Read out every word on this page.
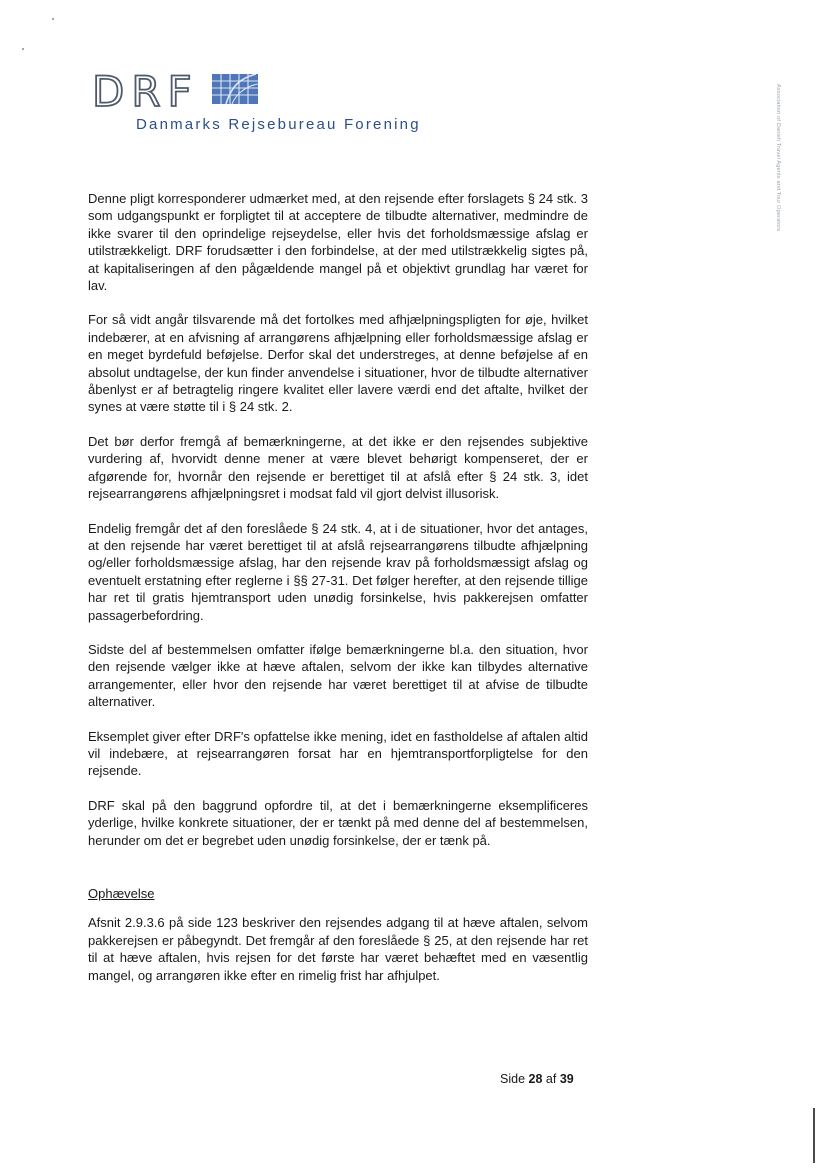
DRF
Danmarks Rejsebureau Forening	Association of Danish Travel Agents and Tour Operators

Denne pligt korresponderer udmærket med, at den rejsende efter forslagets § 24 stk. 3 som udgangspunkt er forpligtet til at acceptere de tilbudte alternativer, medmindre de ikke svarer til den oprindelige rejseydelse, eller hvis det forholdsmæssige afslag er utilstrækkeligt. DRF forudsætter i den forbindelse, at der med utilstrækkelig sigtes på, at kapitaliseringen af den pågældende mangel på et objektivt grundlag har været for lav.

For så vidt angår tilsvarende må det fortolkes med afhjælpningspligten for øje, hvilket indebærer, at en afvisning af arrangørens afhjælpning eller forholdsmæssige afslag er en meget byrdefuld beføjelse. Derfor skal det understreges, at denne beføjelse af en absolut undtagelse, der kun finder anvendelse i situationer, hvor de tilbudte alternativer åbenlyst er af betragtelig ringere kvalitet eller lavere værdi end det aftalte, hvilket der synes at være støtte til i § 24 stk. 2.

Det bør derfor fremgå af bemærkningerne, at det ikke er den rejsendes subjektive vurdering af, hvorvidt denne mener at være blevet behørigt kompenseret, der er afgørende for, hvornår den rejsende er berettiget til at afslå efter § 24 stk. 3, idet rejsearrangørens afhjælpningsret i modsat fald vil gjort delvist illusorisk.

Endelig fremgår det af den foreslåede § 24 stk. 4, at i de situationer, hvor det antages, at den rejsende har været berettiget til at afslå rejsearrangørens tilbudte afhjælpning og/eller forholdsmæssige afslag, har den rejsende krav på forholdsmæssigt afslag og eventuelt erstatning efter reglerne i §§ 27-31. Det følger herefter, at den rejsende tillige har ret til gratis hjemtransport uden unødig forsinkelse, hvis pakkerejsen omfatter passagerbefordring.

Sidste del af bestemmelsen omfatter ifølge bemærkningerne bl.a. den situation, hvor den rejsende vælger ikke at hæve aftalen, selvom der ikke kan tilbydes alternative arrangementer, eller hvor den rejsende har været berettiget til at afvise de tilbudte alternativer.

Eksemplet giver efter DRF's opfattelse ikke mening, idet en fastholdelse af aftalen altid vil indebære, at rejsearrangøren forsat har en hjemtransportforpligtelse for den rejsende.

DRF skal på den baggrund opfordre til, at det i bemærkningerne eksemplificeres yderlige, hvilke konkrete situationer, der er tænkt på med denne del af bestemmelsen, herunder om det er begrebet uden unødig forsinkelse, der er tænk på.

Ophævelse

Afsnit 2.9.3.6 på side 123 beskriver den rejsendes adgang til at hæve aftalen, selvom pakkerejsen er påbegyndt. Det fremgår af den foreslåede § 25, at den rejsende har ret til at hæve aftalen, hvis rejsen for det første har været behæftet med en væsentlig mangel, og arrangøren ikke efter en rimelig frist har afhjulpet.

Side 28 af 39
